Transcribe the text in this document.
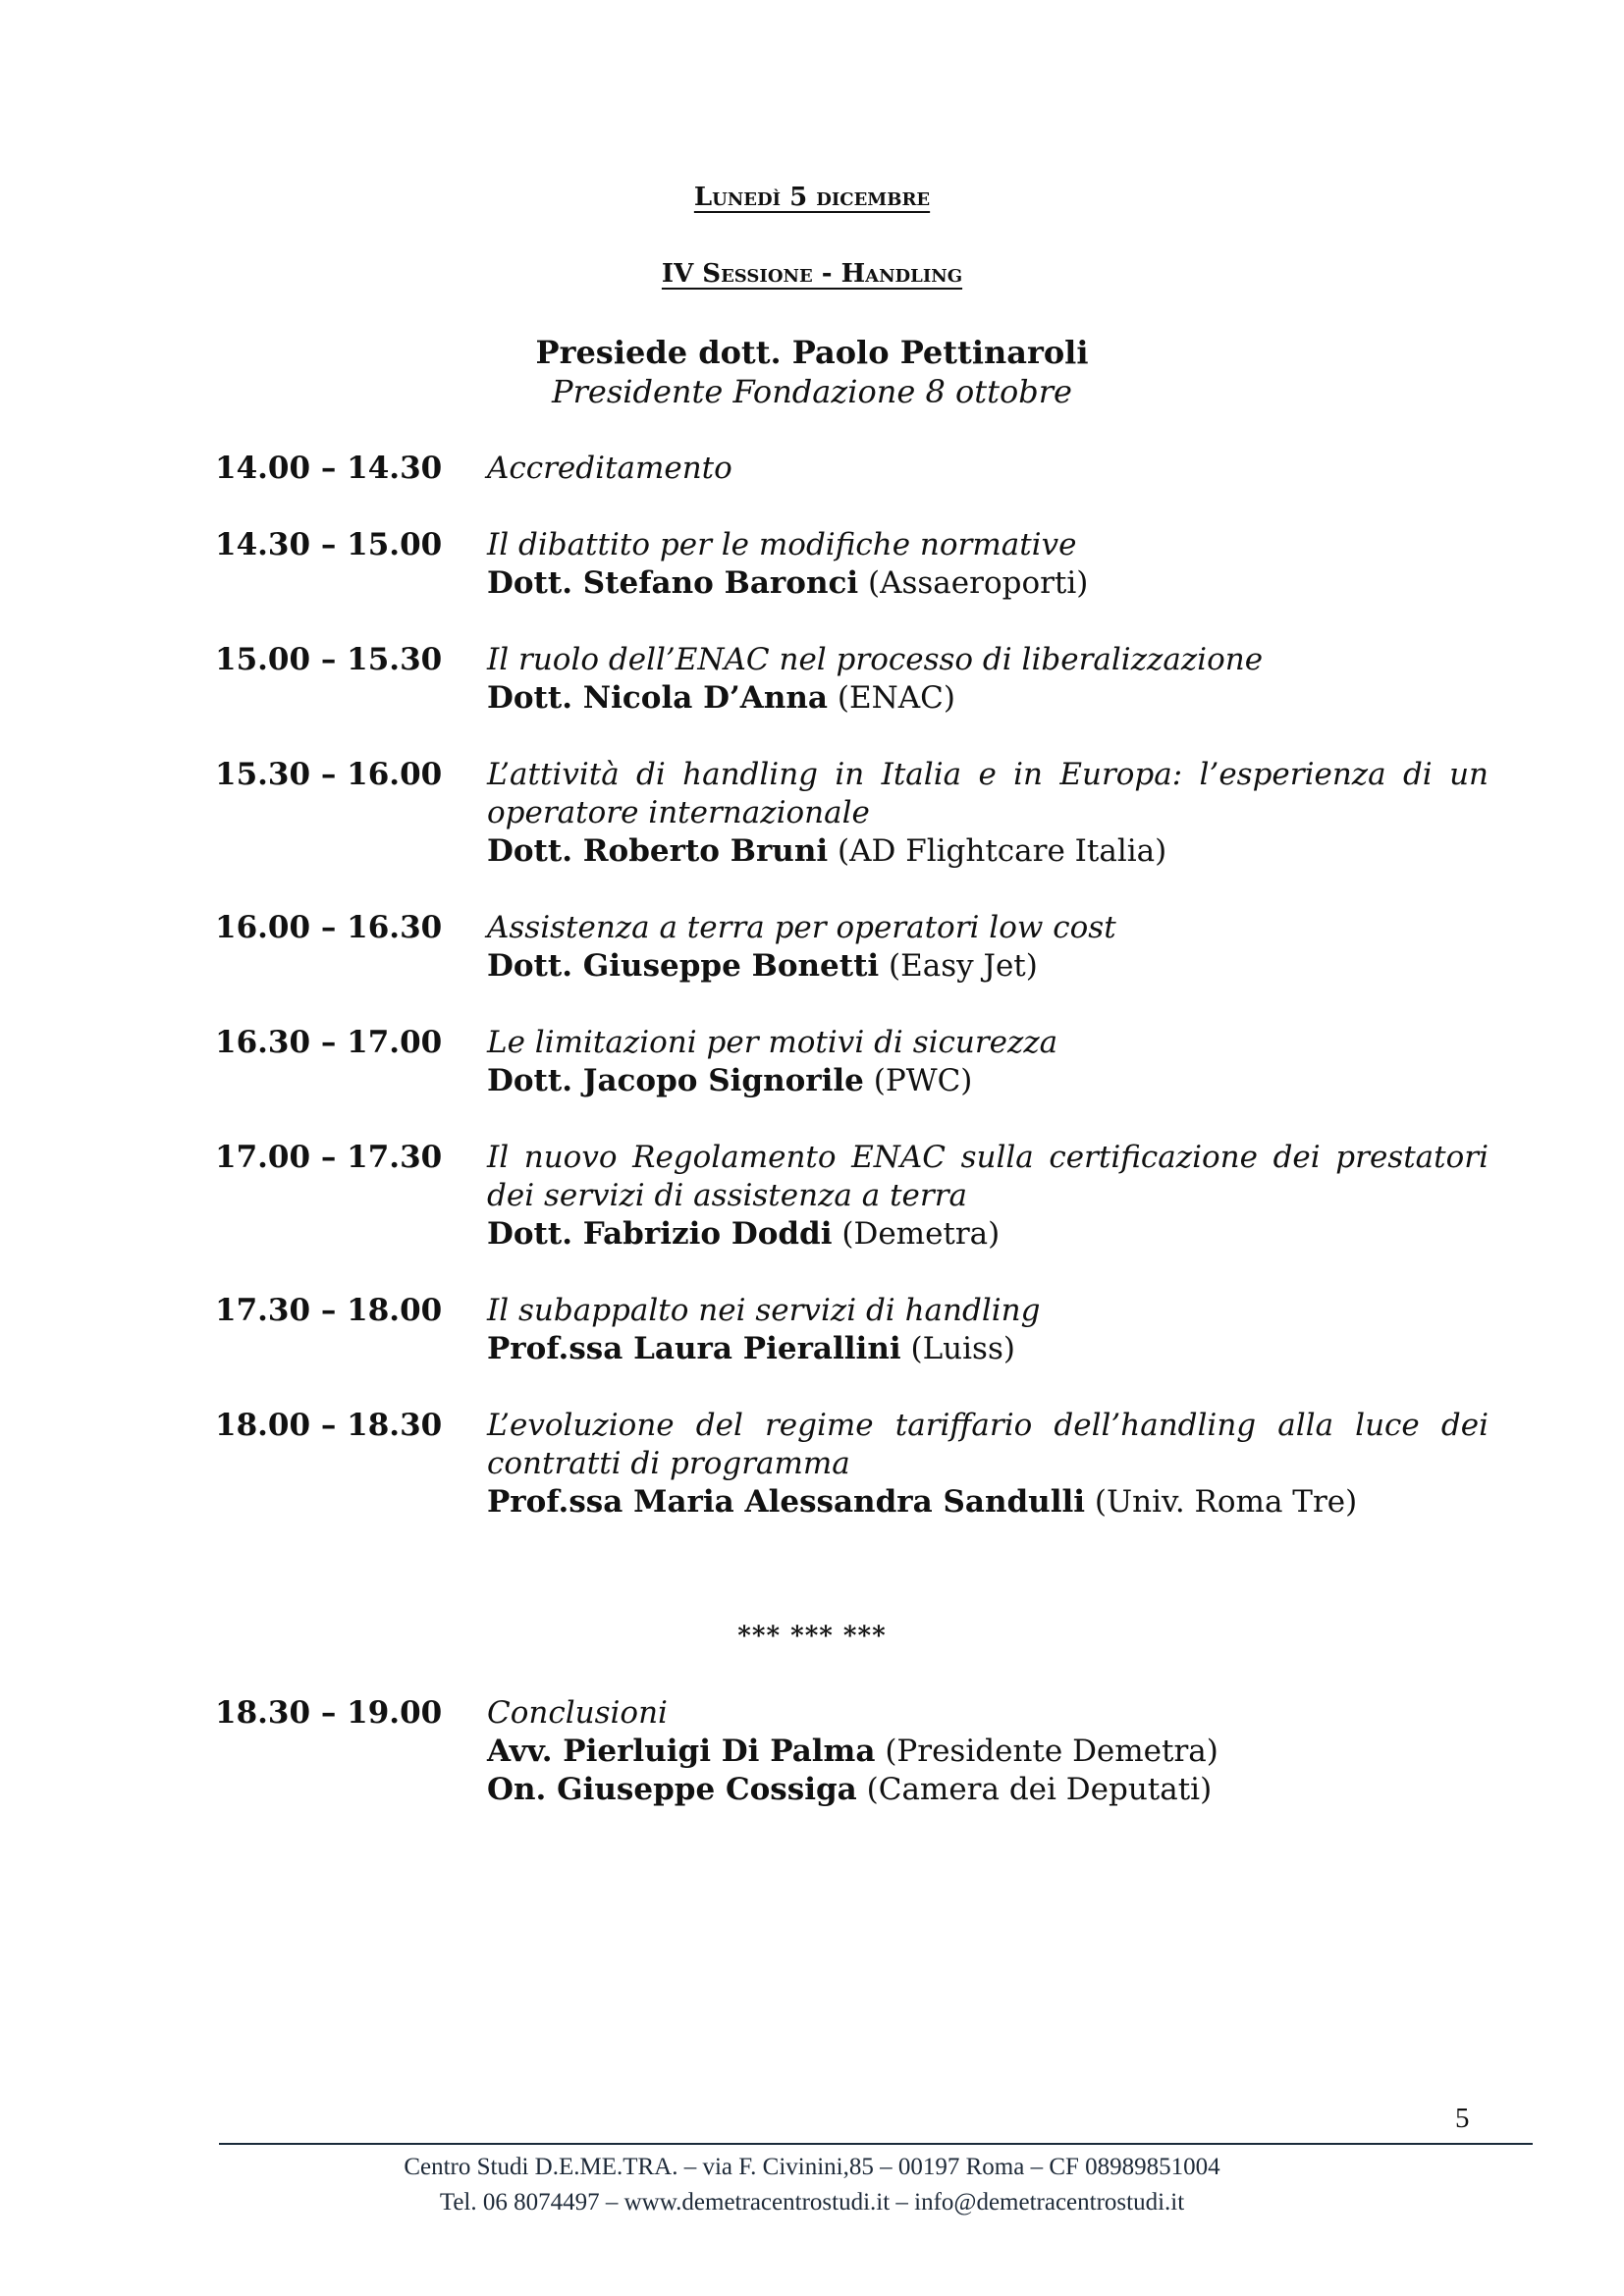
Lunedì 5 dicembre
IV Sessione - Handling
Presiede dott. Paolo Pettinaroli
Presidente Fondazione 8 ottobre
14.00 – 14.30	Accreditamento
14.30 – 15.00	Il dibattito per le modifiche normative
Dott. Stefano Baronci (Assaeroporti)
15.00 – 15.30	Il ruolo dell’ENAC nel processo di liberalizzazione
Dott. Nicola D’Anna (ENAC)
15.30 – 16.00	L’attività di handling in Italia e in Europa: l’esperienza di un operatore internazionale
Dott. Roberto Bruni (AD Flightcare Italia)
16.00 – 16.30	Assistenza a terra per operatori low cost
Dott. Giuseppe Bonetti (Easy Jet)
16.30 – 17.00	Le limitazioni per motivi di sicurezza
Dott. Jacopo Signorile (PWC)
17.00 – 17.30	Il nuovo Regolamento ENAC sulla certificazione dei prestatori dei servizi di assistenza a terra
Dott. Fabrizio Doddi (Demetra)
17.30 – 18.00	Il subappalto nei servizi di handling
Prof.ssa Laura Pierallini (Luiss)
18.00 – 18.30	L’evoluzione del regime tariffario dell’handling alla luce dei contratti di programma
Prof.ssa Maria Alessandra Sandulli (Univ. Roma Tre)
*** *** ***
18.30 – 19.00	Conclusioni
Avv. Pierluigi Di Palma (Presidente Demetra)
On. Giuseppe Cossiga (Camera dei Deputati)
5
Centro Studi D.E.ME.TRA. – via F. Civinini,85 – 00197 Roma – CF 08989851004
Tel. 06 8074497 – www.demetracentrostudi.it – info@demetracentrostudi.it
